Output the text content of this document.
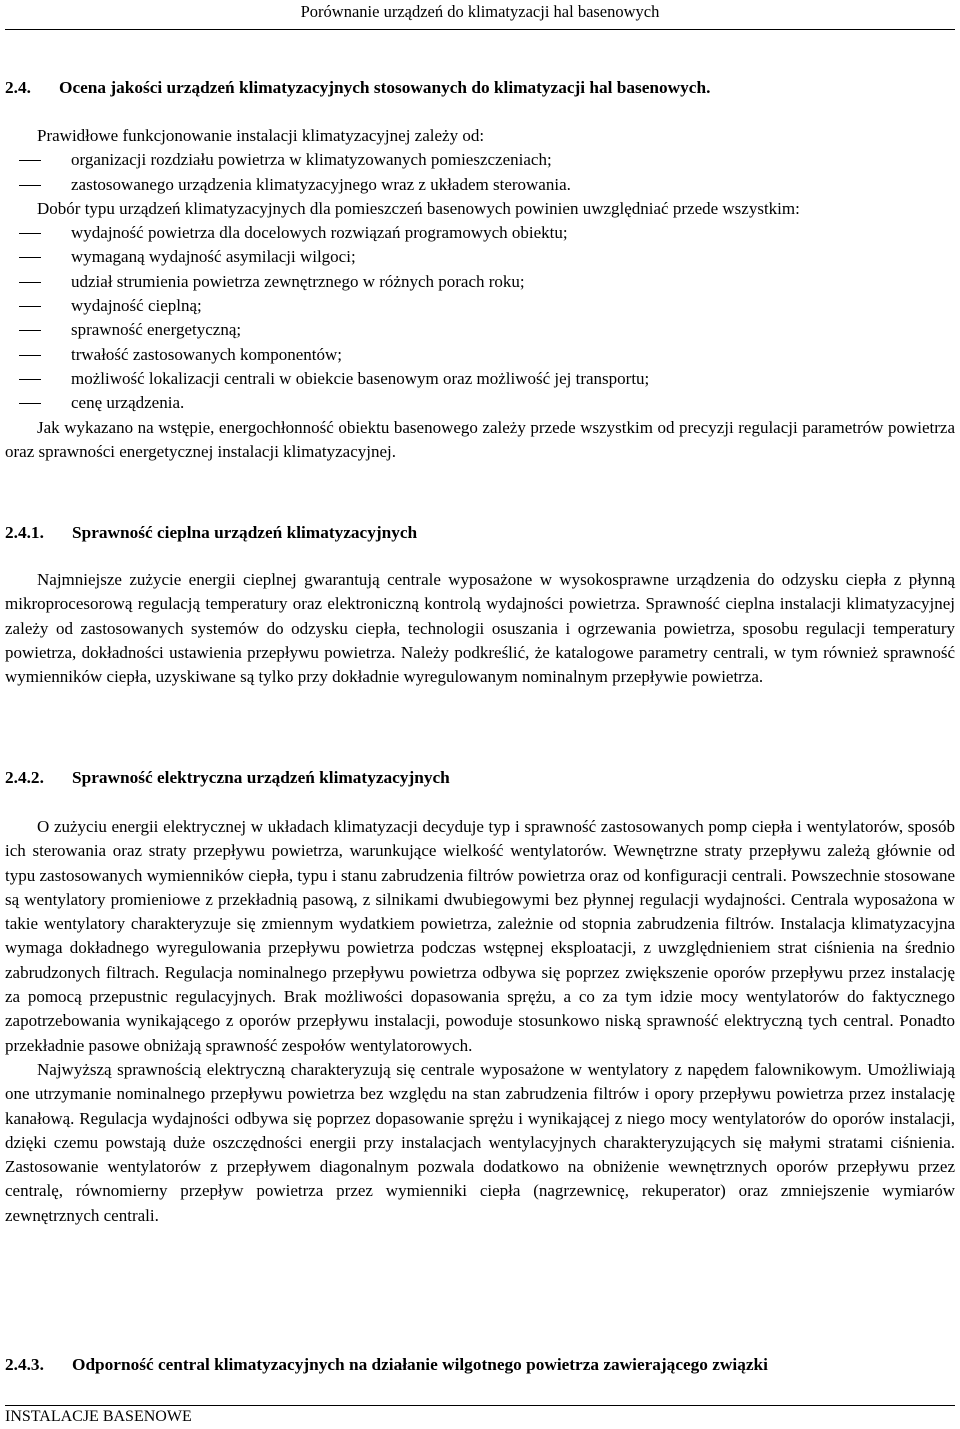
Porównanie urządzeń do klimatyzacji hal basenowych
2.4. Ocena jakości urządzeń klimatyzacyjnych stosowanych do klimatyzacji hal basenowych.

Prawidłowe funkcjonowanie instalacji klimatyzacyjnej zależy od:

organizacji rozdziału powietrza w klimatyzowanych pomieszczeniach;
zastosowanego urządzenia klimatyzacyjnego wraz z układem sterowania.

Dobór typu urządzeń klimatyzacyjnych dla pomieszczeń basenowych powinien uwzględniać przede wszystkim:

wydajność powietrza dla docelowych rozwiązań programowych obiektu;
wymaganą wydajność asymilacji wilgoci;
udział strumienia powietrza zewnętrznego w różnych porach roku;
wydajność cieplną;
sprawność energetyczną;
trwałość zastosowanych komponentów;
możliwość lokalizacji centrali w obiekcie basenowym oraz możliwość jej transportu;
cenę urządzenia.

Jak wykazano na wstępie, energochłonność obiektu basenowego zależy przede wszystkim od precyzji regulacji parametrów powietrza oraz sprawności energetycznej instalacji klimatyzacyjnej.

2.4.1. Sprawność cieplna urządzeń klimatyzacyjnych

Najmniejsze zużycie energii cieplnej gwarantują centrale wyposażone w wysokosprawne urządzenia do odzysku ciepła z płynną mikroprocesorową regulacją temperatury oraz elektroniczną kontrolą wydajności powietrza. Sprawność cieplna instalacji klimatyzacyjnej zależy od zastosowanych systemów do odzysku ciepła, technologii osuszania i ogrzewania powietrza, sposobu regulacji temperatury powietrza, dokładności ustawienia przepływu powietrza. Należy podkreślić, że katalogowe parametry centrali, w tym również sprawność wymienników ciepła, uzyskiwane są tylko przy dokładnie wyregulowanym nominalnym przepływie powietrza.

2.4.2. Sprawność elektryczna urządzeń klimatyzacyjnych

O zużyciu energii elektrycznej w układach klimatyzacji decyduje typ i sprawność zastosowanych pomp ciepła i wentylatorów, sposób ich sterowania oraz straty przepływu powietrza, warunkujące wielkość wentylatorów. Wewnętrzne straty przepływu zależą głównie od typu zastosowanych wymienników ciepła, typu i stanu zabrudzenia filtrów powietrza oraz od konfiguracji centrali. Powszechnie stosowane są wentylatory promieniowe z przekładnią pasową, z silnikami dwubiegowymi bez płynnej regulacji wydajności. Centrala wyposażona w takie wentylatory charakteryzuje się zmiennym wydatkiem powietrza, zależnie od stopnia zabrudzenia filtrów. Instalacja klimatyzacyjna wymaga dokładnego wyregulowania przepływu powietrza podczas wstępnej eksploatacji, z uwzględnieniem strat ciśnienia na średnio zabrudzonych filtrach. Regulacja nominalnego przepływu powietrza odbywa się poprzez zwiększenie oporów przepływu przez instalację za pomocą przepustnic regulacyjnych. Brak możliwości dopasowania sprężu, a co za tym idzie mocy wentylatorów do faktycznego zapotrzebowania wynikającego z oporów przepływu instalacji, powoduje stosunkowo niską sprawność elektryczną tych central. Ponadto przekładnie pasowe obniżają sprawność zespołów wentylatorowych.

Najwyższą sprawnością elektryczną charakteryzują się centrale wyposażone w wentylatory z napędem falownikowym. Umożliwiają one utrzymanie nominalnego przepływu powietrza bez względu na stan zabrudzenia filtrów i opory przepływu powietrza przez instalację kanałową. Regulacja wydajności odbywa się poprzez dopasowanie sprężu i wynikającej z niego mocy wentylatorów do oporów instalacji, dzięki czemu powstają duże oszczędności energii przy instalacjach wentylacyjnych charakteryzujących się małymi stratami ciśnienia. Zastosowanie wentylatorów z przepływem diagonalnym pozwala dodatkowo na obniżenie wewnętrznych oporów przepływu przez centralę, równomierny przepływ powietrza przez wymienniki ciepła (nagrzewnicę, rekuperator) oraz zmniejszenie wymiarów zewnętrznych centrali.

2.4.3. Odporność central klimatyzacyjnych na działanie wilgotnego powietrza zawierającego związki
INSTALACJE BASENOWE
